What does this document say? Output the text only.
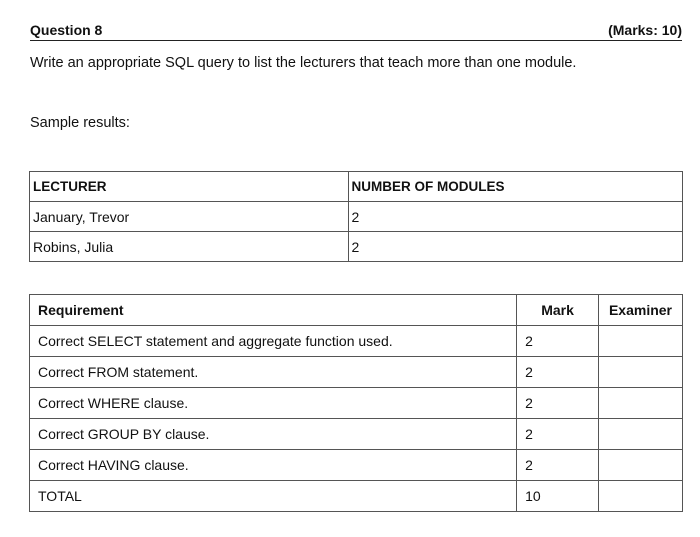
Question 8	(Marks: 10)
Write an appropriate SQL query to list the lecturers that teach more than one module.
Sample results:
LECTURER	NUMBER OF MODULES
January, Trevor	2
Robins, Julia	2
Requirement	Mark	Examiner
Correct SELECT statement and aggregate function used.	2	
Correct FROM statement.	2	
Correct WHERE clause.	2	
Correct GROUP BY clause.	2	
Correct HAVING clause.	2	
TOTAL	10	
